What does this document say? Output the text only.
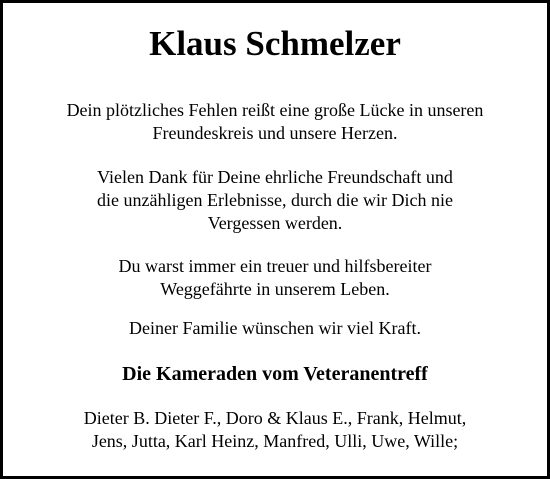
Klaus Schmelzer

Dein plötzliches Fehlen reißt eine große Lücke in unseren
Freundeskreis und unsere Herzen.

Vielen Dank für Deine ehrliche Freundschaft und
die unzähligen Erlebnisse, durch die wir Dich nie
Vergessen werden.

Du warst immer ein treuer und hilfsbereiter
Weggefährte in unserem Leben.

Deiner Familie wünschen wir viel Kraft.

Die Kameraden vom Veteranentreff

Dieter B. Dieter F., Doro & Klaus E., Frank, Helmut,
Jens, Jutta, Karl Heinz, Manfred, Ulli, Uwe, Wille;
